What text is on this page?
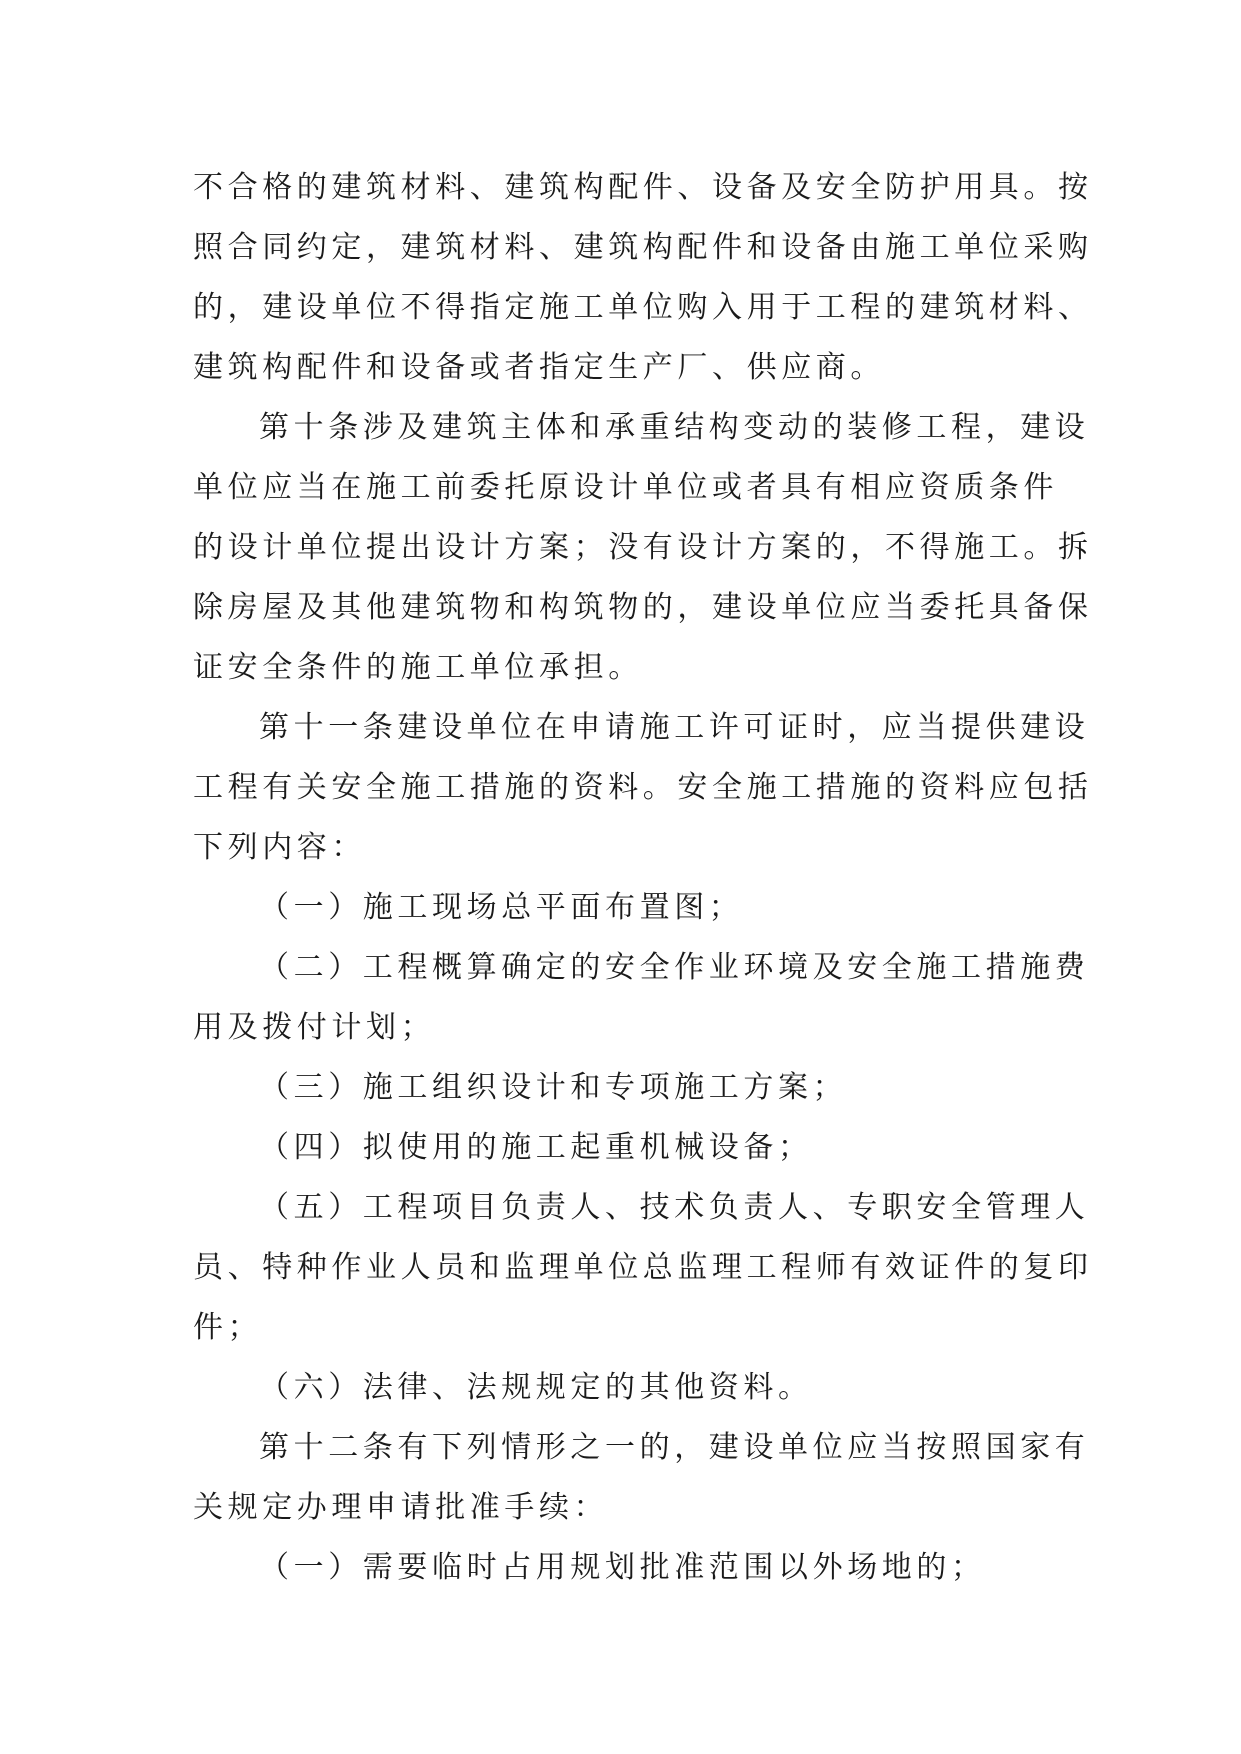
不合格的建筑材料、建筑构配件、设备及安全防护用具。按
照合同约定，建筑材料、建筑构配件和设备由施工单位采购
的，建设单位不得指定施工单位购入用于工程的建筑材料、
建筑构配件和设备或者指定生产厂、供应商。
第十条涉及建筑主体和承重结构变动的装修工程，建设
单位应当在施工前委托原设计单位或者具有相应资质条件
的设计单位提出设计方案；没有设计方案的，不得施工。拆
除房屋及其他建筑物和构筑物的，建设单位应当委托具备保
证安全条件的施工单位承担。
第十一条建设单位在申请施工许可证时，应当提供建设
工程有关安全施工措施的资料。安全施工措施的资料应包括
下列内容：
（一）施工现场总平面布置图；
（二）工程概算确定的安全作业环境及安全施工措施费
用及拨付计划；
（三）施工组织设计和专项施工方案；
（四）拟使用的施工起重机械设备；
（五）工程项目负责人、技术负责人、专职安全管理人
员、特种作业人员和监理单位总监理工程师有效证件的复印
件；
（六）法律、法规规定的其他资料。
第十二条有下列情形之一的，建设单位应当按照国家有
关规定办理申请批准手续：
（一）需要临时占用规划批准范围以外场地的；
